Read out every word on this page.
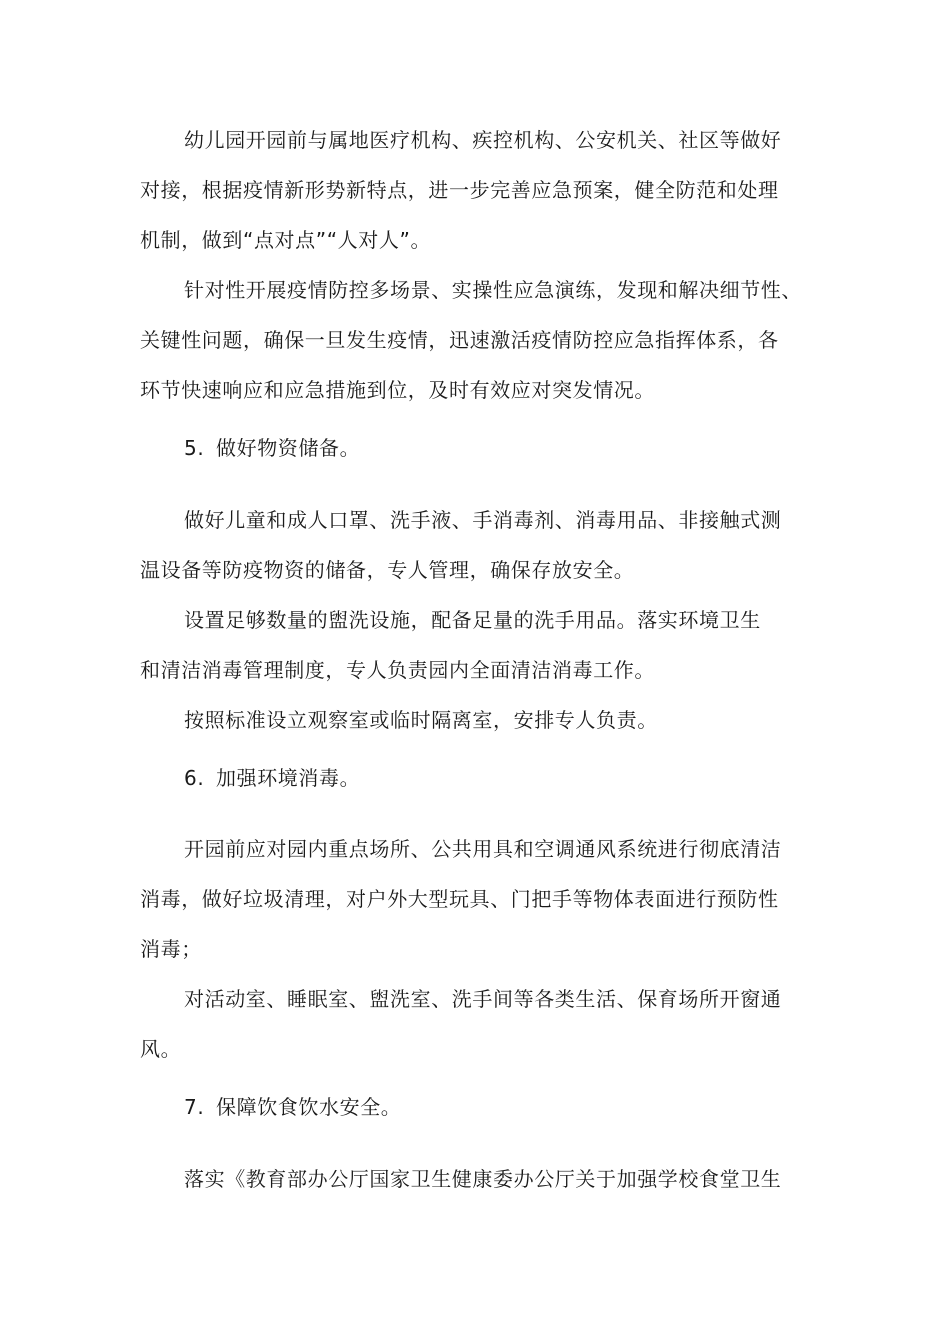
幼儿园开园前与属地医疗机构、疾控机构、公安机关、社区等做好
对接，根据疫情新形势新特点，进一步完善应急预案，健全防范和处理
机制，做到“点对点”“人对人”。
针对性开展疫情防控多场景、实操性应急演练，发现和解决细节性、
关键性问题，确保一旦发生疫情，迅速激活疫情防控应急指挥体系，各
环节快速响应和应急措施到位，及时有效应对突发情况。
5. 做好物资储备。
做好儿童和成人口罩、洗手液、手消毒剂、消毒用品、非接触式测
温设备等防疫物资的储备，专人管理，确保存放安全。
设置足够数量的盥洗设施，配备足量的洗手用品。落实环境卫生
和清洁消毒管理制度，专人负责园内全面清洁消毒工作。
按照标准设立观察室或临时隔离室，安排专人负责。
6. 加强环境消毒。
开园前应对园内重点场所、公共用具和空调通风系统进行彻底清洁
消毒，做好垃圾清理，对户外大型玩具、门把手等物体表面进行预防性
消毒；
对活动室、睡眠室、盥洗室、洗手间等各类生活、保育场所开窗通
风。
7. 保障饮食饮水安全。
落实《教育部办公厅国家卫生健康委办公厅关于加强学校食堂卫生
